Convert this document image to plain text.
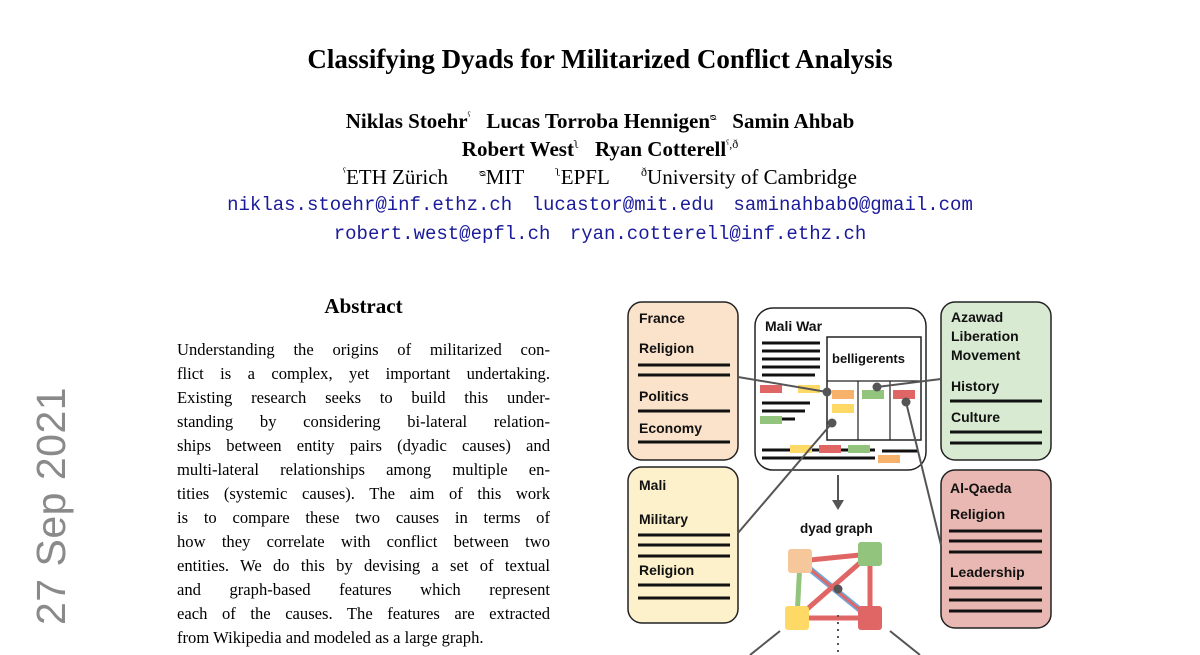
27 Sep 2021
Classifying Dyads for Militarized Conflict Analysis
Niklas Stoehr$^ˤ$ Lucas Torroba Hennigen$^ᴓ$ Samin Ahbab
Robert West$^ʅ$ Ryan Cotterell$^{ˤ,ð}$
$^ˤ$ETH Zürich	$^ᴓ$MIT	$^ʅ$EPFL	$^ð$University of Cambridge
niklas.stoehr@inf.ethz.ch lucastor@mit.edu saminahbab0@gmail.com
robert.west@epfl.ch ryan.cotterell@inf.ethz.ch
Abstract
Understanding the origins of militarized con-
flict is a complex, yet important undertaking.
Existing research seeks to build this under-
standing by considering bi-lateral relation-
ships between entity pairs (dyadic causes) and
multi-lateral relationships among multiple en-
tities (systemic causes). The aim of this work
is to compare these two causes in terms of
how they correlate with conflict between two
entities. We do this by devising a set of textual
and graph-based features which represent
each of the causes. The features are extracted
from Wikipedia and modeled as a large graph.
France
Religion
Politics
Economy
Mali
Military
Religion
Mali War
belligerents
Azawad
Liberation
Movement
History
Culture
Al-Qaeda
Religion
Leadership
dyad graph
